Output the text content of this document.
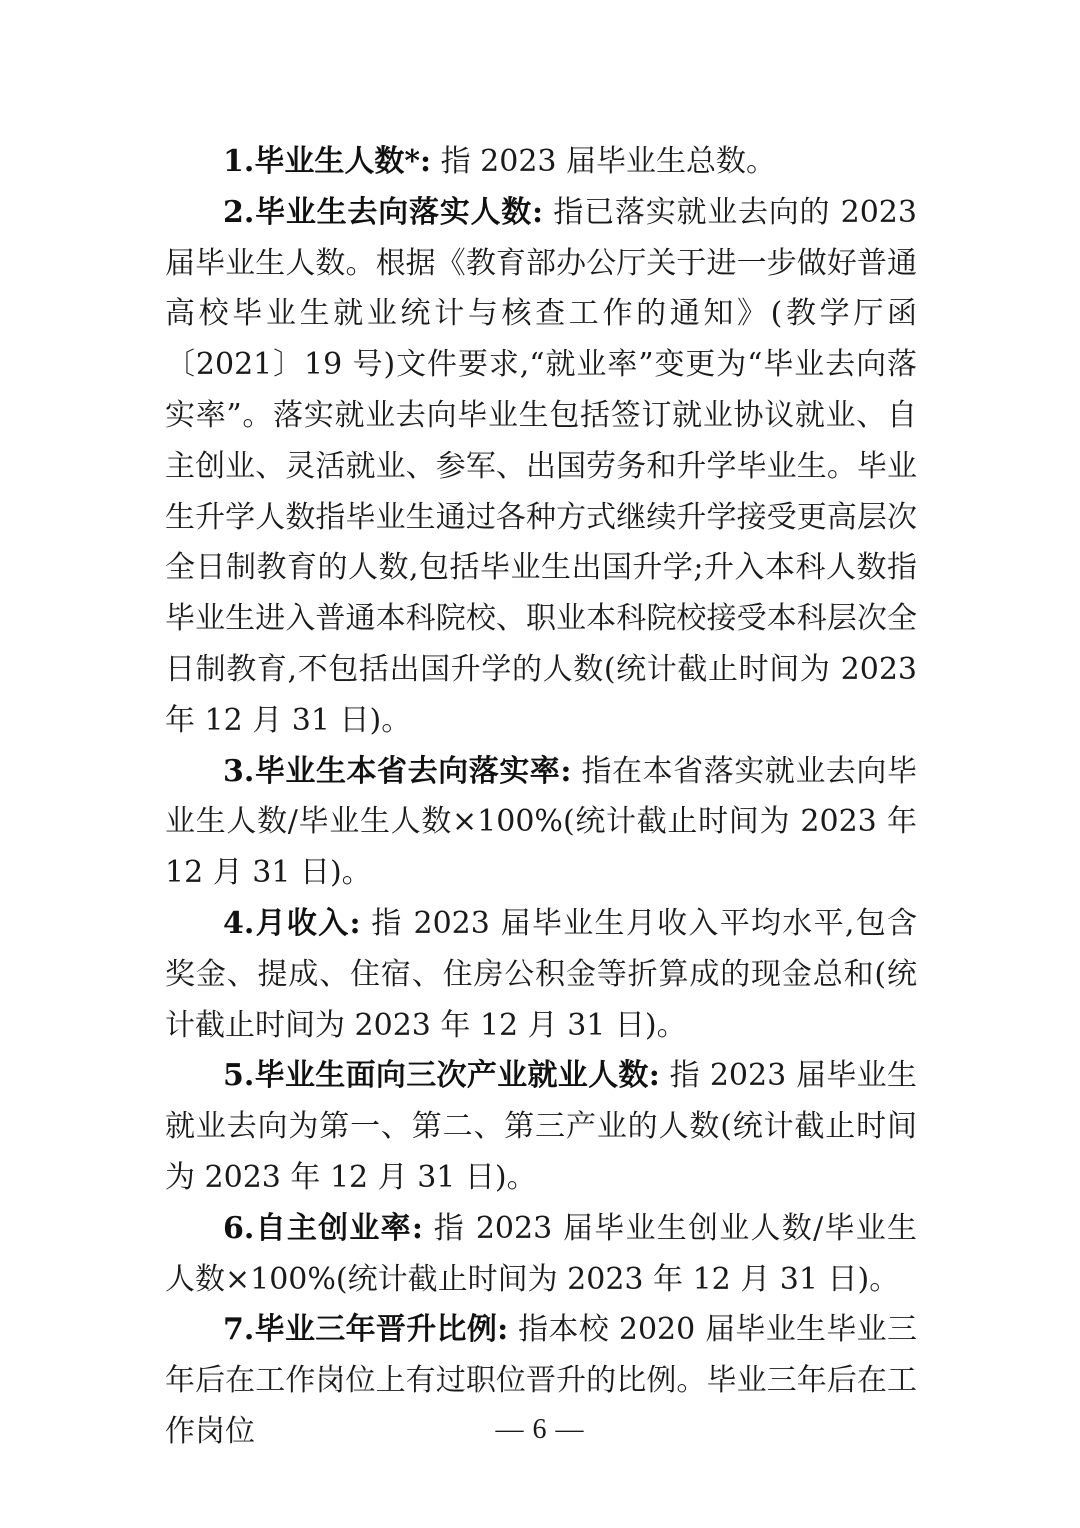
1.毕业生人数*: 指 2023 届毕业生总数。

2.毕业生去向落实人数: 指已落实就业去向的 2023 届毕业生人数。根据《教育部办公厅关于进一步做好普通高校毕业生就业统计与核查工作的通知》(教学厅函〔2021〕19 号)文件要求,“就业率”变更为“毕业去向落实率”。落实就业去向毕业生包括签订就业协议就业、自主创业、灵活就业、参军、出国劳务和升学毕业生。毕业生升学人数指毕业生通过各种方式继续升学接受更高层次全日制教育的人数,包括毕业生出国升学;升入本科人数指毕业生进入普通本科院校、职业本科院校接受本科层次全日制教育,不包括出国升学的人数(统计截止时间为 2023 年 12 月 31 日)。

3.毕业生本省去向落实率: 指在本省落实就业去向毕业生人数/毕业生人数×100%(统计截止时间为 2023 年 12 月 31 日)。

4.月收入: 指 2023 届毕业生月收入平均水平,包含奖金、提成、住宿、住房公积金等折算成的现金总和(统计截止时间为 2023 年 12 月 31 日)。

5.毕业生面向三次产业就业人数: 指 2023 届毕业生就业去向为第一、第二、第三产业的人数(统计截止时间为 2023 年 12 月 31 日)。

6.自主创业率: 指 2023 届毕业生创业人数/毕业生人数×100%(统计截止时间为 2023 年 12 月 31 日)。

7.毕业三年晋升比例: 指本校 2020 届毕业生毕业三年后在工作岗位上有过职位晋升的比例。毕业三年后在工作岗位	— 6 —
